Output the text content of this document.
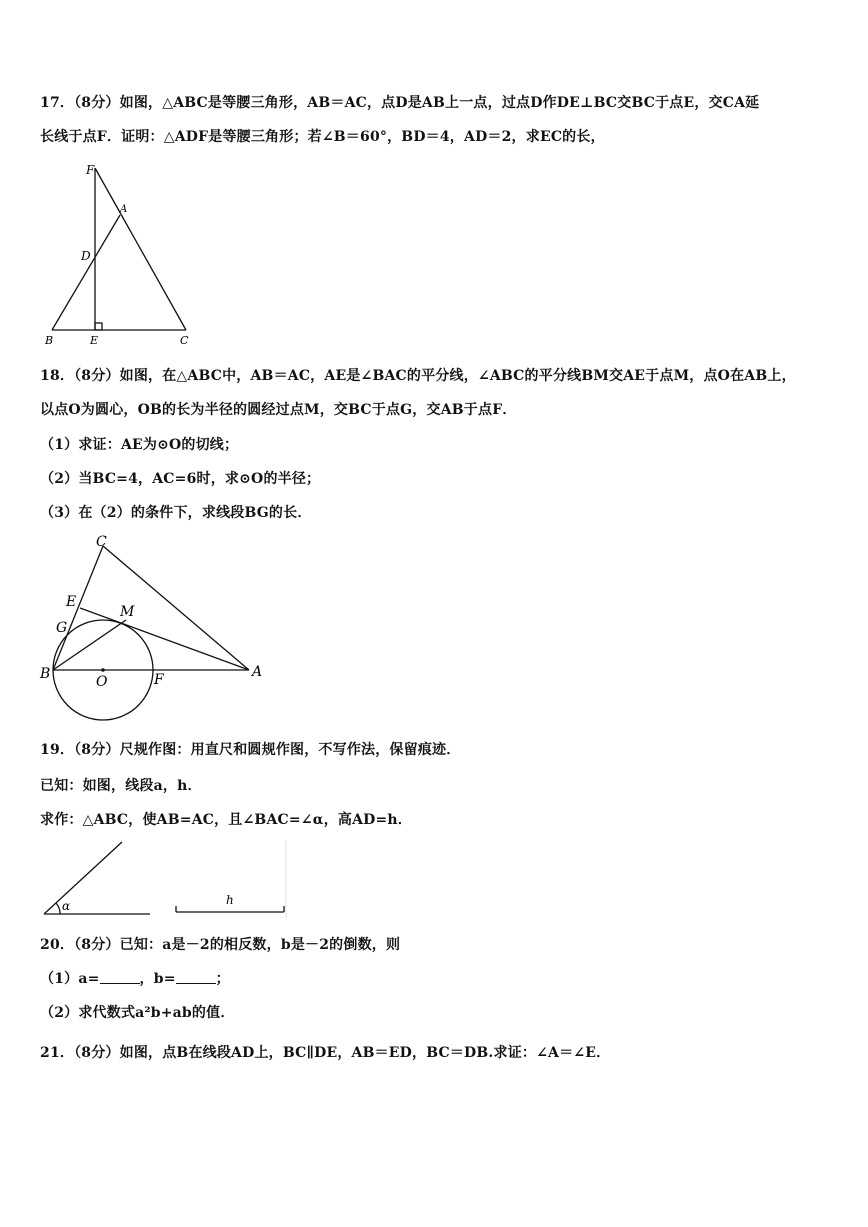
17．（8分）如图，△ABC是等腰三角形，AB＝AC，点D是AB上一点，过点D作DE⊥BC交BC于点E，交CA延
长线于点F．证明：△ADF是等腰三角形；若∠B＝60°，BD＝4，AD＝2，求EC的长，
F
A
D
B	E	C
18．（8分）如图，在△ABC中，AB＝AC，AE是∠BAC的平分线，∠ABC的平分线BM交AE于点M，点O在AB上，
以点O为圆心，OB的长为半径的圆经过点M，交BC于点G，交AB于点F．
（1）求证：AE为⊙O的切线；
（2）当BC=4，AC=6时，求⊙O的半径；
（3）在（2）的条件下，求线段BG的长．
C
E
M
G
B	O	F	A
19．（8分）尺规作图：用直尺和圆规作图，不写作法，保留痕迹．
已知：如图，线段a，h．
求作：△ABC，使AB=AC，且∠BAC=∠α，高AD=h．
α	h
20．（8分）已知：a是－2的相反数，b是－2的倒数，则
（1）a=	，b=	；
（2）求代数式a²b+ab的值．
21．（8分）如图，点B在线段AD上，BC∥DE，AB＝ED，BC＝DB.求证：∠A＝∠E．
